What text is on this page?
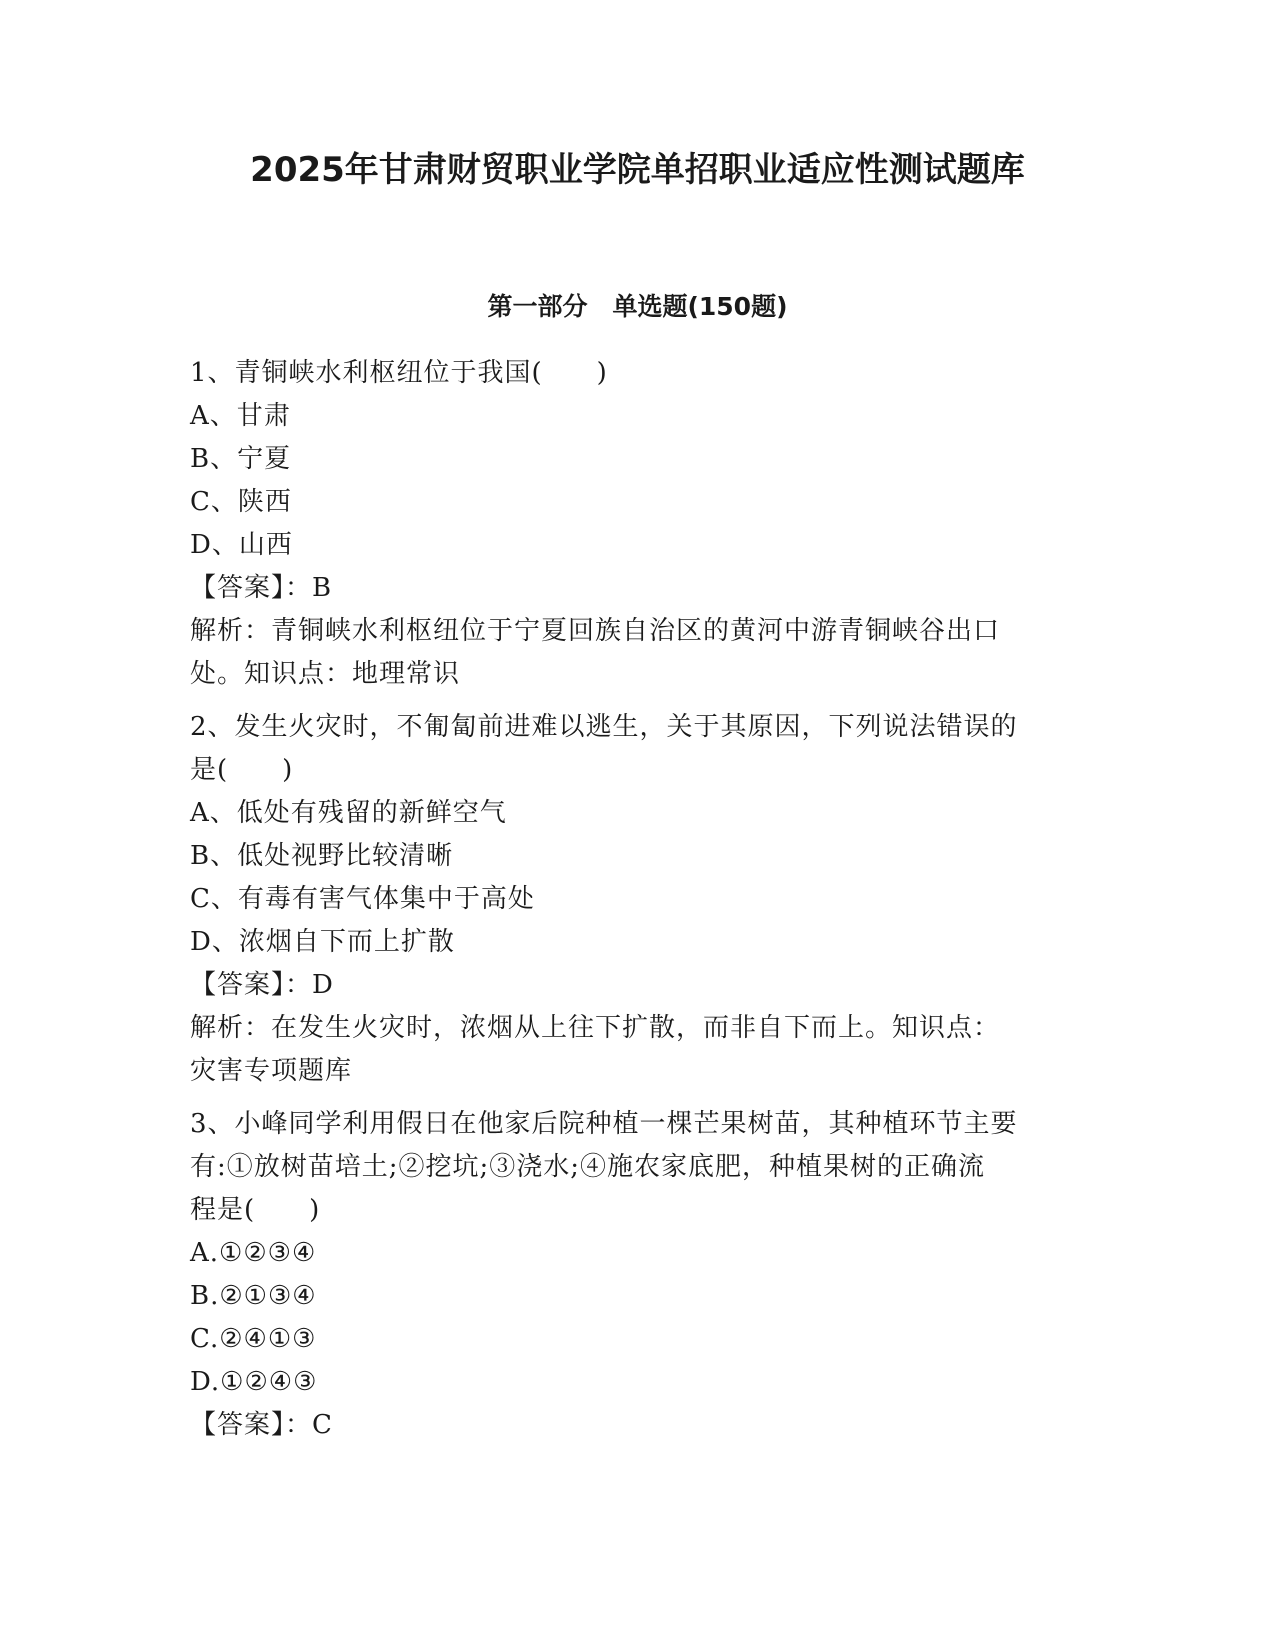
2025年甘肃财贸职业学院单招职业适应性测试题库
第一部分　单选题(150题)
1、青铜峡水利枢纽位于我国(　　)
A、甘肃
B、宁夏
C、陕西
D、山西
【答案】：B
解析：青铜峡水利枢纽位于宁夏回族自治区的黄河中游青铜峡谷出口
处。知识点：地理常识
2、发生火灾时，不匍匐前进难以逃生，关于其原因，下列说法错误的
是(　　)
A、低处有残留的新鲜空气
B、低处视野比较清晰
C、有毒有害气体集中于高处
D、浓烟自下而上扩散
【答案】：D
解析：在发生火灾时，浓烟从上往下扩散，而非自下而上。知识点：
灾害专项题库
3、小峰同学利用假日在他家后院种植一棵芒果树苗，其种植环节主要
有:①放树苗培土;②挖坑;③浇水;④施农家底肥，种植果树的正确流
程是(　　)
A.①②③④
B.②①③④
C.②④①③
D.①②④③
【答案】：C
